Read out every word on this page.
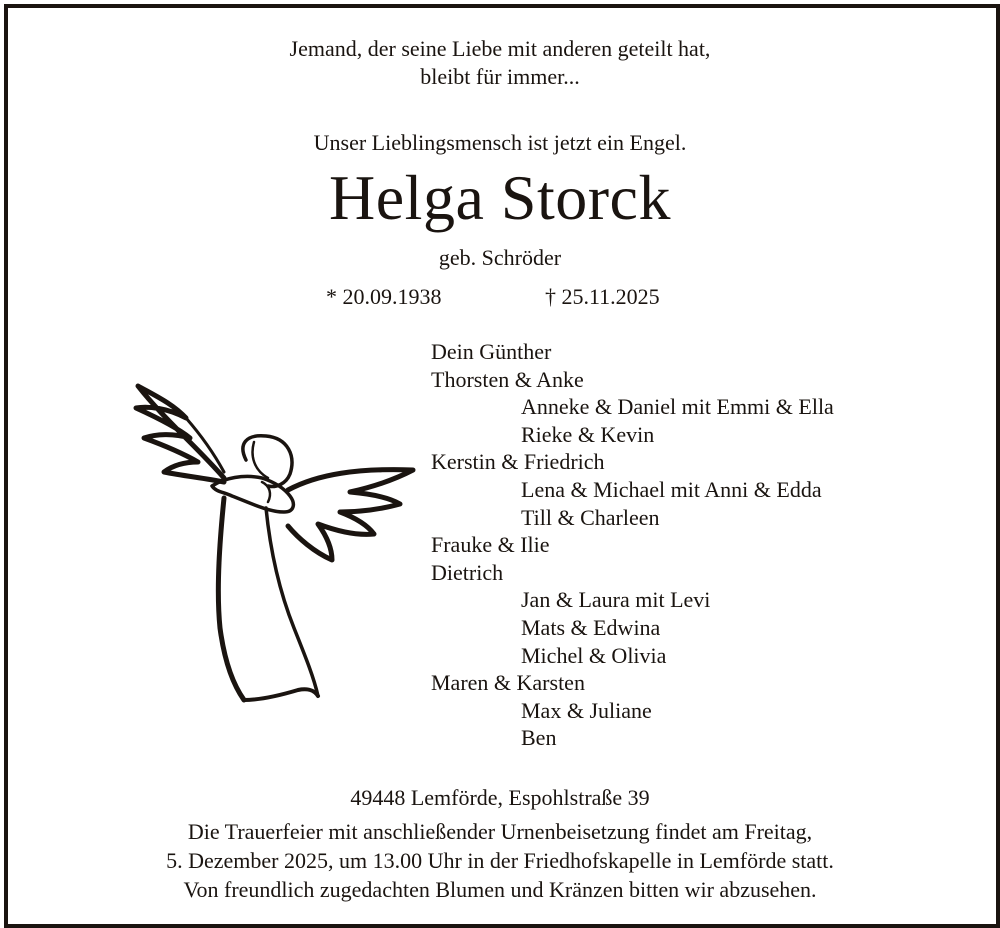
Jemand, der seine Liebe mit anderen geteilt hat,
bleibt für immer...
Unser Lieblingsmensch ist jetzt ein Engel.
Helga Storck
geb. Schröder
* 20.09.1938	† 25.11.2025
Dein Günther
Thorsten & Anke
Anneke & Daniel mit Emmi & Ella
Rieke & Kevin
Kerstin & Friedrich
Lena & Michael mit Anni & Edda
Till & Charleen
Frauke & Ilie
Dietrich
Jan & Laura mit Levi
Mats & Edwina
Michel & Olivia
Maren & Karsten
Max & Juliane
Ben
49448 Lemförde, Espohlstraße 39
Die Trauerfeier mit anschließender Urnenbeisetzung findet am Freitag,
5. Dezember 2025, um 13.00 Uhr in der Friedhofskapelle in Lemförde statt.
Von freundlich zugedachten Blumen und Kränzen bitten wir abzusehen.
